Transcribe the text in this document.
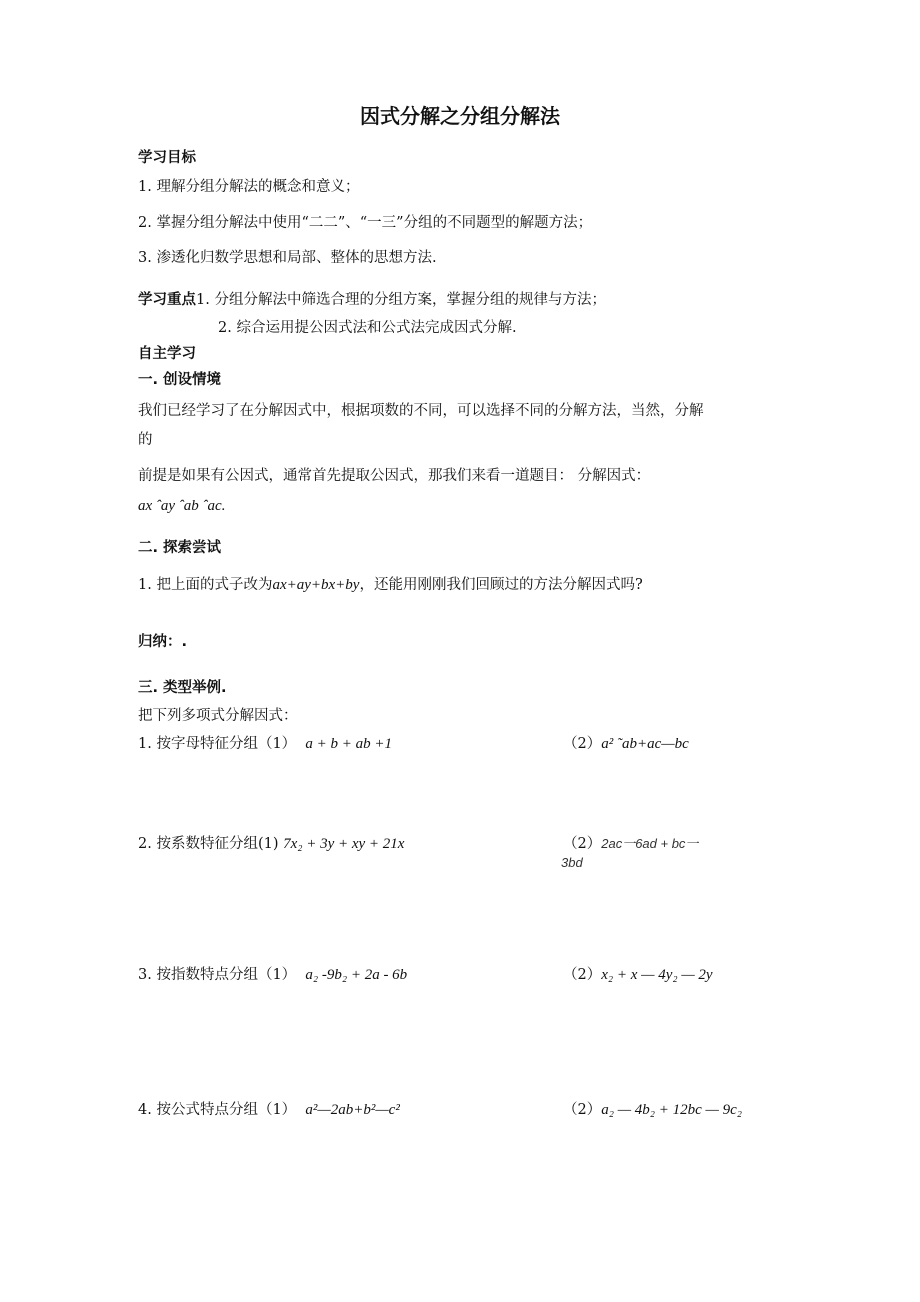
因式分解之分组分解法
学习目标
1. 理解分组分解法的概念和意义；
2. 掌握分组分解法中使用“二二”、“一三”分组的不同题型的解题方法；
3. 渗透化归数学思想和局部、整体的思想方法.
学习重点1. 分组分解法中筛选合理的分组方案，掌握分组的规律与方法；
2. 综合运用提公因式法和公式法完成因式分解.
自主学习
一. 创设情境
我们已经学习了在分解因式中，根据项数的不同，可以选择不同的分解方法，当然，分解
的
前提是如果有公因式，通常首先提取公因式，那我们来看一道题目： 分解因式：
ax ˆay ˆab ˆac.
二. 探索尝试
1. 把上面的式子改为ax+ay+bx+by，还能用刚刚我们回顾过的方法分解因式吗?
归纳：.
三. 类型举例.
把下列多项式分解因式：
1. 按字母特征分组（1） a + b + ab +1	（2）a² ˜ab+ac—bc
2. 按系数特征分组(1) 7x₂ + 3y + xy + 21x	（2）2ac一6ad + bc一
3bd
3. 按指数特点分组（1） a₂ -9b₂ + 2a - 6b	（2）x₂ + x — 4y₂ — 2y
4. 按公式特点分组（1） a²—2ab+b²—c²	（2）a₂ — 4b₂ + 12bc — 9c₂
